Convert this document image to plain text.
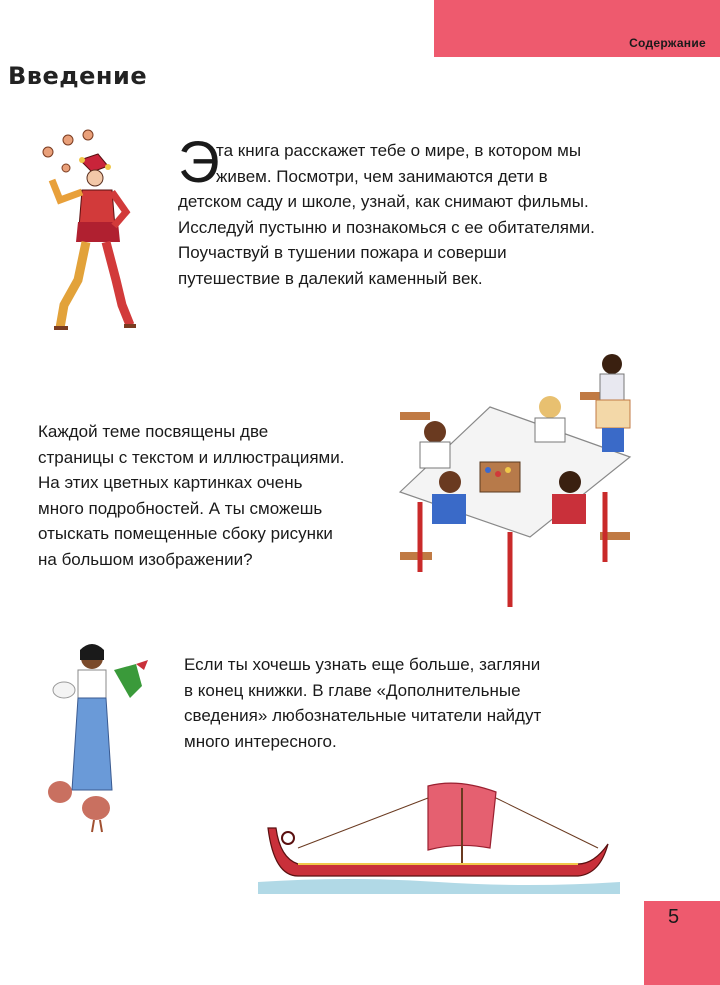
Содержание
Введение
Э
та книга расскажет тебе о мире, в котором мы
живем. Посмотри, чем занимаются дети в
детском саду и школе, узнай, как снимают фильмы.
Исследуй пустыню и познакомься с ее обитателями.
Поучаствуй в тушении пожара и соверши
путешествие в далекий каменный век.
Каждой теме посвящены две
страницы с текстом и иллюстрациями.
На этих цветных картинках очень
много подробностей. А ты сможешь
отыскать помещенные сбоку рисунки
на большом изображении?
Если ты хочешь узнать еще больше, загляни
в конец книжки. В главе «Дополнительные
сведения» любознательные читатели найдут
много интересного.
5
